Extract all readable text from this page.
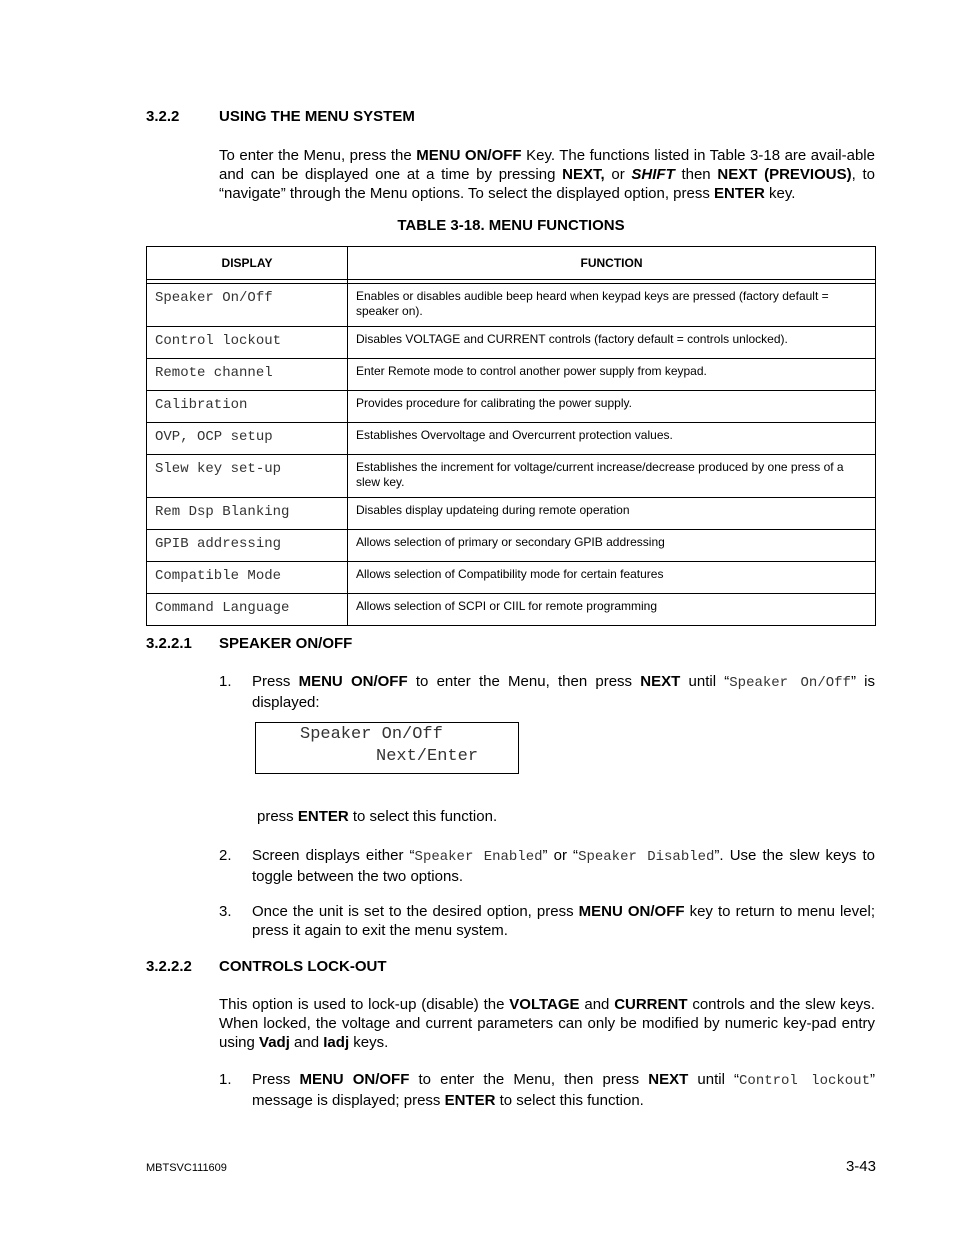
3.2.2	USING THE MENU SYSTEM
To enter the Menu, press the MENU ON/OFF Key. The functions listed in Table 3-18 are avail-able and can be displayed one at a time by pressing NEXT, or SHIFT then NEXT (PREVIOUS), to “navigate” through the Menu options. To select the displayed option, press ENTER key.
TABLE 3-18. MENU FUNCTIONS
DISPLAY	FUNCTION

Speaker On/Off	Enables or disables audible beep heard when keypad keys are pressed (factory default = speaker on).
Control lockout	Disables VOLTAGE and CURRENT controls (factory default = controls unlocked).
Remote channel	Enter Remote mode to control another power supply from keypad.
Calibration	Provides procedure for calibrating the power supply.
OVP, OCP setup	Establishes Overvoltage and Overcurrent protection values.
Slew key set-up	Establishes the increment for voltage/current increase/decrease produced by one press of a slew key.
Rem Dsp Blanking	Disables display updateing during remote operation
GPIB addressing	Allows selection of primary or secondary GPIB addressing
Compatible Mode	Allows selection of Compatibility mode for certain features
Command Language	Allows selection of SCPI or CIIL for remote programming
3.2.2.1 SPEAKER ON/OFF
1. Press MENU ON/OFF to enter the Menu, then press NEXT until “Speaker On/Off” is displayed:
Speaker On/Off
Next/Enter
press ENTER to select this function.
2. Screen displays either “Speaker Enabled” or “Speaker Disabled”. Use the slew keys to toggle between the two options.
3. Once the unit is set to the desired option, press MENU ON/OFF key to return to menu level; press it again to exit the menu system.
3.2.2.2 CONTROLS LOCK-OUT
This option is used to lock-up (disable) the VOLTAGE and CURRENT controls and the slew keys. When locked, the voltage and current parameters can only be modified by numeric key-pad entry using Vadj and Iadj keys.
1. Press MENU ON/OFF to enter the Menu, then press NEXT until “Control lockout” message is displayed; press ENTER to select this function.
MBTSVC111609	3-43
